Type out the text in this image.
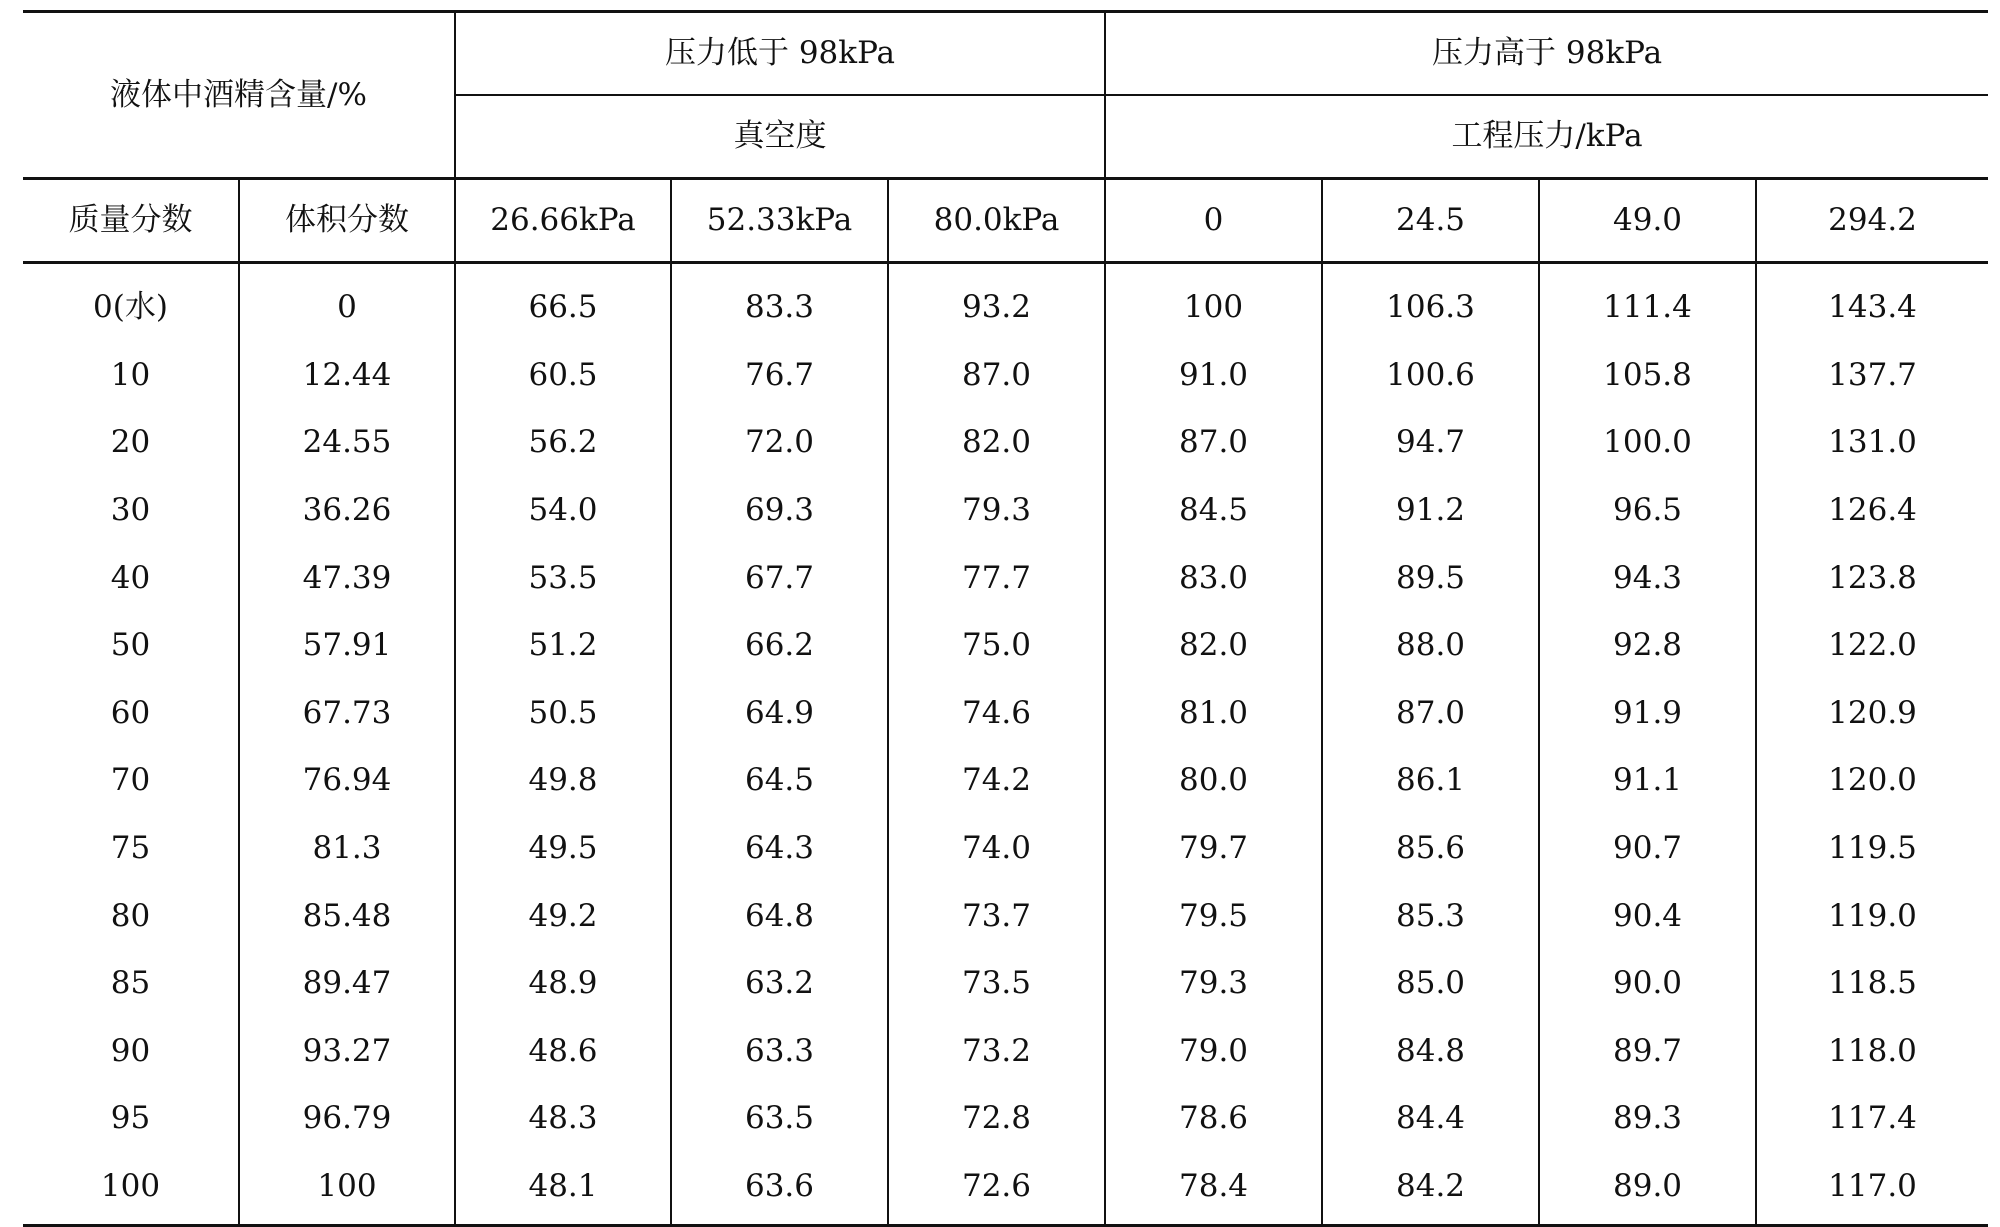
液体中酒精含量/%		压力低于 98kPa			压力高于 98kPa			
		真空度			工程压力/kPa			
质量分数	体积分数	26.66kPa	52.33kPa	80.0kPa	0	24.5	49.0	294.2
0(水)	0	66.5	83.3	93.2	100	106.3	111.4	143.4
10	12.44	60.5	76.7	87.0	91.0	100.6	105.8	137.7
20	24.55	56.2	72.0	82.0	87.0	94.7	100.0	131.0
30	36.26	54.0	69.3	79.3	84.5	91.2	96.5	126.4
40	47.39	53.5	67.7	77.7	83.0	89.5	94.3	123.8
50	57.91	51.2	66.2	75.0	82.0	88.0	92.8	122.0
60	67.73	50.5	64.9	74.6	81.0	87.0	91.9	120.9
70	76.94	49.8	64.5	74.2	80.0	86.1	91.1	120.0
75	81.3	49.5	64.3	74.0	79.7	85.6	90.7	119.5
80	85.48	49.2	64.8	73.7	79.5	85.3	90.4	119.0
85	89.47	48.9	63.2	73.5	79.3	85.0	90.0	118.5
90	93.27	48.6	63.3	73.2	79.0	84.8	89.7	118.0
95	96.79	48.3	63.5	72.8	78.6	84.4	89.3	117.4
100	100	48.1	63.6	72.6	78.4	84.2	89.0	117.0
